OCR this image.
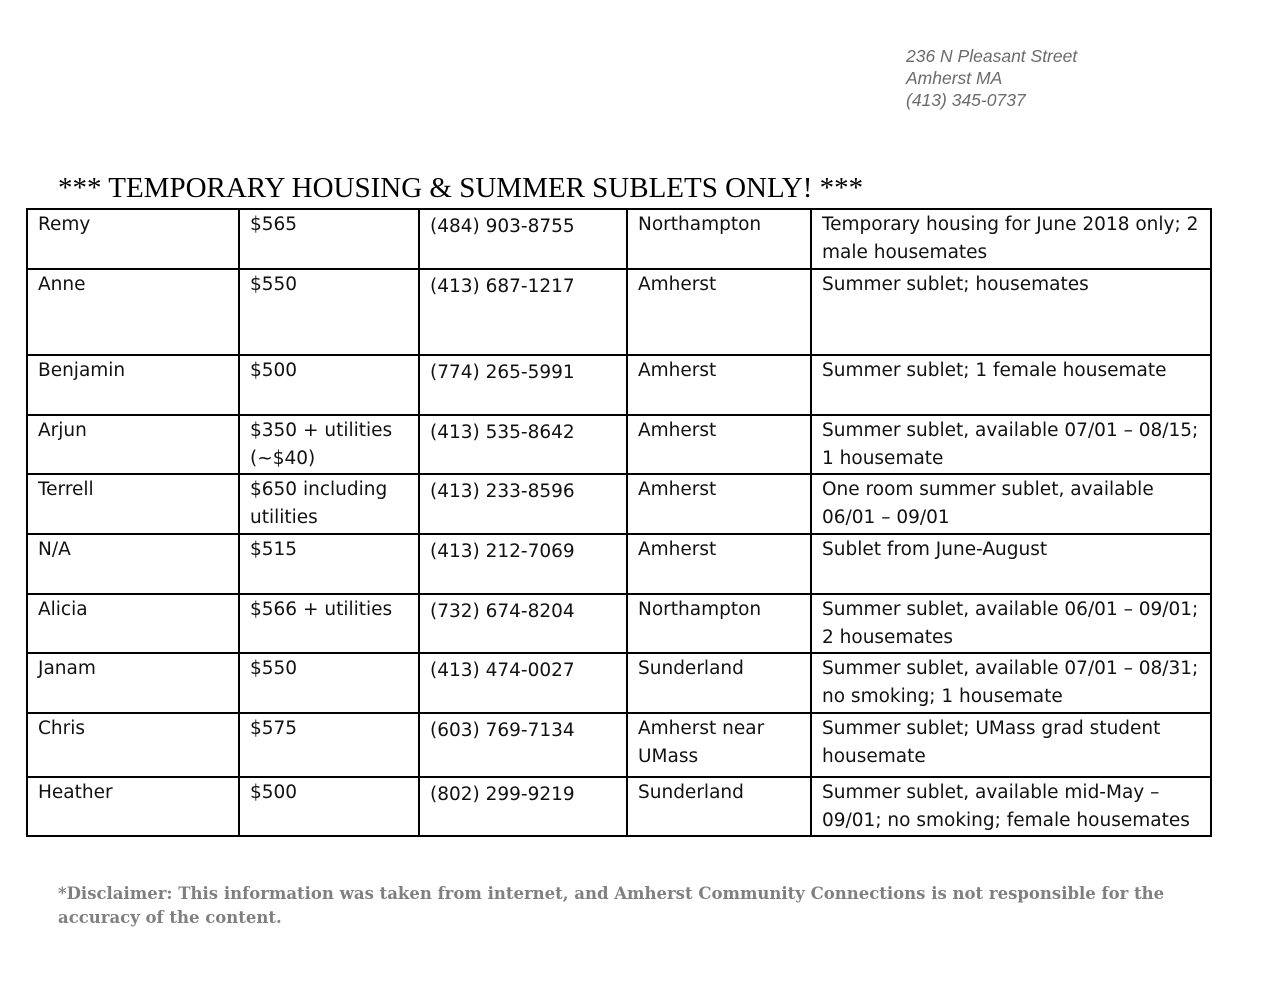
236 N Pleasant Street
Amherst MA
(413) 345-0737
*** TEMPORARY HOUSING & SUMMER SUBLETS ONLY! ***
Remy	$565	(484) 903-8755	Northampton	Temporary housing for June 2018 only; 2 male housemates
Anne	$550	(413) 687-1217	Amherst	Summer sublet; housemates
Benjamin	$500	(774) 265-5991	Amherst	Summer sublet; 1 female housemate
Arjun	$350 + utilities (~$40)	(413) 535-8642	Amherst	Summer sublet, available 07/01 – 08/15; 1 housemate
Terrell	$650 including utilities	(413) 233-8596	Amherst	One room summer sublet, available 06/01 – 09/01
N/A	$515	(413) 212-7069	Amherst	Sublet from June-August
Alicia	$566 + utilities	(732) 674-8204	Northampton	Summer sublet, available 06/01 – 09/01; 2 housemates
Janam	$550	(413) 474-0027	Sunderland	Summer sublet, available 07/01 – 08/31; no smoking; 1 housemate
Chris	$575	(603) 769-7134	Amherst near UMass	Summer sublet; UMass grad student housemate
Heather	$500	(802) 299-9219	Sunderland	Summer sublet, available mid-May – 09/01; no smoking; female housemates
*Disclaimer: This information was taken from internet, and Amherst Community Connections is not responsible for the accuracy of the content.
